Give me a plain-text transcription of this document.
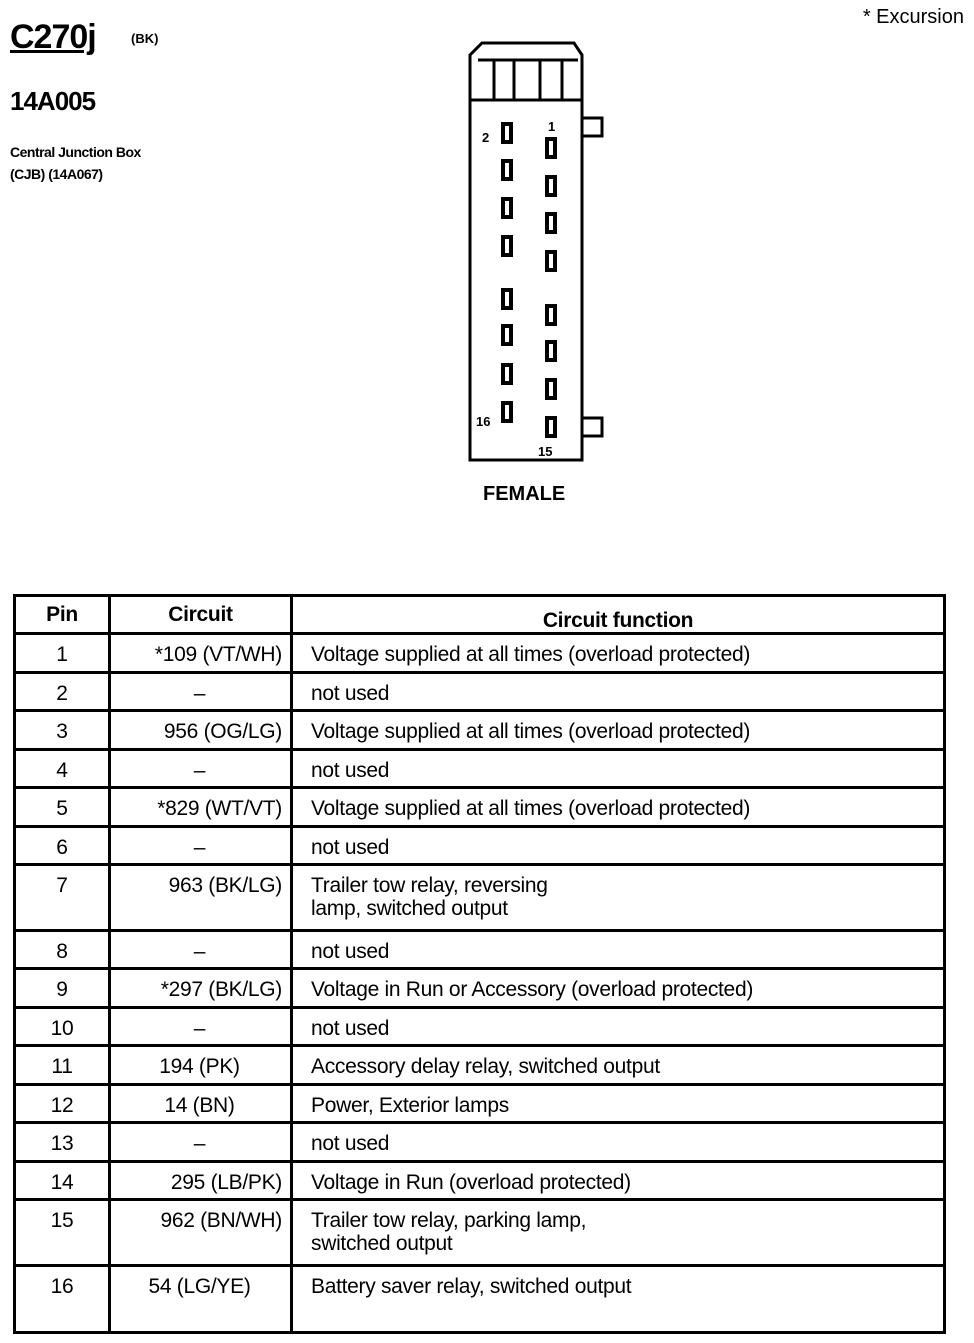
C270j	(BK)
14A005
Central Junction Box
(CJB) (14A067)
* Excursion
2
1
16
15
FEMALE
Pin	Circuit	Circuit function
1	*109 (VT/WH)	Voltage supplied at all times (overload protected)
2	–	not used
3	956 (OG/LG)	Voltage supplied at all times (overload protected)
4	–	not used
5	*829 (WT/VT)	Voltage supplied at all times (overload protected)
6	–	not used
7	963 (BK/LG)	Trailer tow relay, reversing
lamp, switched output
8	–	not used
9	*297 (BK/LG)	Voltage in Run or Accessory (overload protected)
10	–	not used
11	194 (PK)	Accessory delay relay, switched output
12	14 (BN)	Power, Exterior lamps
13	–	not used
14	295 (LB/PK)	Voltage in Run (overload protected)
15	962 (BN/WH)	Trailer tow relay, parking lamp,
switched output
16	54 (LG/YE)	Battery saver relay, switched output
